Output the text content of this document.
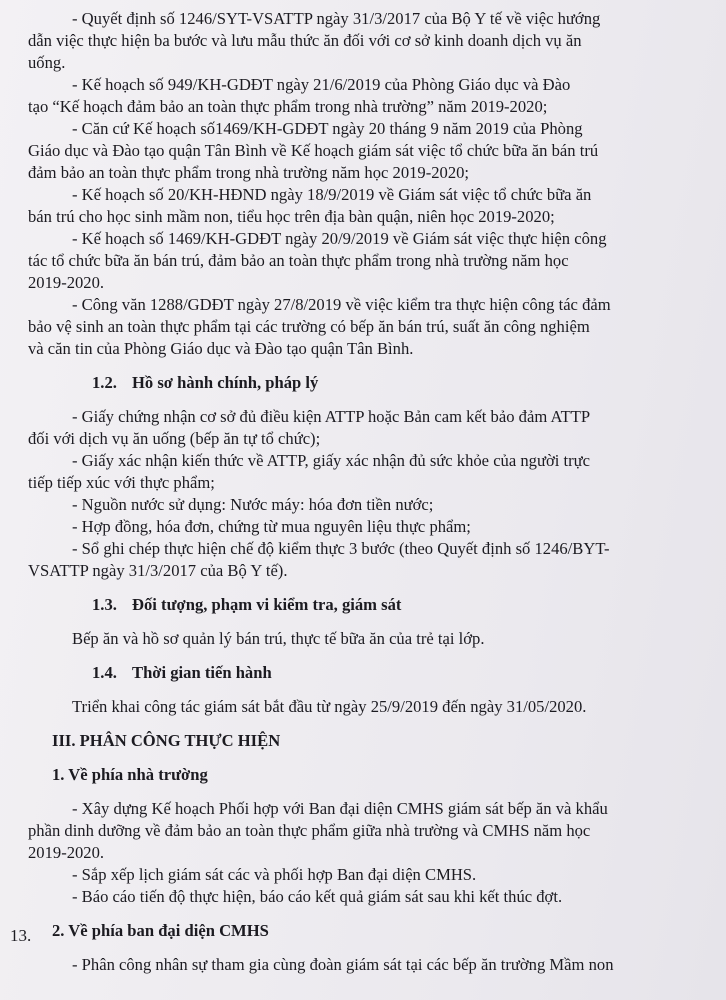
- Quyết định số 1246/SYT-VSATTP ngày 31/3/2017 của Bộ Y tế về việc hướng
dẫn việc thực hiện ba bước và lưu mẫu thức ăn đối với cơ sở kinh doanh dịch vụ ăn
uống.
- Kế hoạch số 949/KH-GDĐT ngày 21/6/2019 của Phòng Giáo dục và Đào
tạo “Kế hoạch đảm bảo an toàn thực phẩm trong nhà trường” năm 2019-2020;
- Căn cứ Kế hoạch số1469/KH-GDĐT ngày 20 tháng 9 năm 2019 của Phòng
Giáo dục và Đào tạo quận Tân Bình về Kế hoạch giám sát việc tổ chức bữa ăn bán trú
đảm bảo an toàn thực phẩm trong nhà trường năm học 2019-2020;
- Kế hoạch số 20/KH-HĐND ngày 18/9/2019 về Giám sát việc tổ chức bữa ăn
bán trú cho học sinh mầm non, tiểu học trên địa bàn quận, niên học 2019-2020;
- Kế hoạch số 1469/KH-GDĐT ngày 20/9/2019 về Giám sát việc thực hiện công
tác tổ chức bữa ăn bán trú, đảm bảo an toàn thực phẩm trong nhà trường năm học
2019-2020.
- Công văn 1288/GDĐT ngày 27/8/2019 về việc kiểm tra thực hiện công tác đảm
bảo vệ sinh an toàn thực phẩm tại các trường có bếp ăn bán trú, suất ăn công nghiệm
và căn tin của Phòng Giáo dục và Đào tạo quận Tân Bình.
1.2. Hồ sơ hành chính, pháp lý
- Giấy chứng nhận cơ sở đủ điều kiện ATTP hoặc Bản cam kết bảo đảm ATTP
đối với dịch vụ ăn uống (bếp ăn tự tổ chức);
- Giấy xác nhận kiến thức về ATTP, giấy xác nhận đủ sức khỏe của người trực
tiếp tiếp xúc với thực phẩm;
- Nguồn nước sử dụng: Nước máy: hóa đơn tiền nước;
- Hợp đồng, hóa đơn, chứng từ mua nguyên liệu thực phẩm;
- Sổ ghi chép thực hiện chế độ kiểm thực 3 bước (theo Quyết định số 1246/BYT-
VSATTP ngày 31/3/2017 của Bộ Y tế).
1.3. Đối tượng, phạm vi kiểm tra, giám sát
Bếp ăn và hồ sơ quản lý bán trú, thực tế bữa ăn của trẻ tại lớp.
1.4. Thời gian tiến hành
Triển khai công tác giám sát bắt đầu từ ngày 25/9/2019 đến ngày 31/05/2020.
III. PHÂN CÔNG THỰC HIỆN
1. Về phía nhà trường
- Xây dựng Kế hoạch Phối hợp với Ban đại diện CMHS giám sát bếp ăn và khẩu
phần dinh dưỡng về đảm bảo an toàn thực phẩm giữa nhà trường và CMHS năm học
2019-2020.
- Sắp xếp lịch giám sát các và phối hợp Ban đại diện CMHS.
- Báo cáo tiến độ thực hiện, báo cáo kết quả giám sát sau khi kết thúc đợt.
2. Về phía ban đại diện CMHS
- Phân công nhân sự tham gia cùng đoàn giám sát tại các bếp ăn trường Mầm non
13.
